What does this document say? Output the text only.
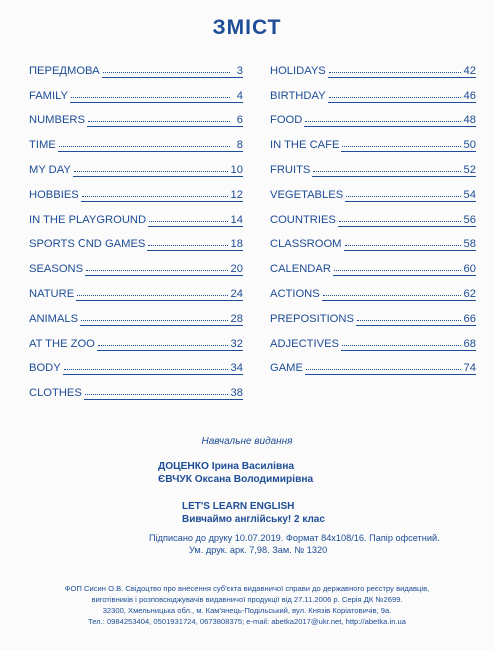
ЗМІСТ
ПЕРЕДМОВА	3
FAMILY	4
NUMBERS	6
TIME	8
MY DAY	10
HOBBIES	12
IN THE PLAYGROUND	14
SPORTS ⅭND GAMES	18
SEASONS	20
NATURE	24
ANIMALS	28
AT THE ZOO	32
BODY	34
CLOTHES	38
HOLIDAYS	42
BIRTHDAY	46
FOOD	48
IN THE CAFE	50
FRUITS	52
VEGETABLES	54
COUNTRIES	56
CLASSROOM	58
CALENDAR	60
ACTIONS	62
PREPOSITIONS	66
ADJECTIVES	68
GAME	74
Навчальне видання
ДОЦЕНКО Ірина Василівна
ЄВЧУК Оксана Володимирівна
LET'S LEARN ENGLISH
Вивчаймо англійську! 2 клас
Підписано до друку 10.07.2019. Формат 84x108/16. Папір офсетний.
Ум. друк. арк. 7,98. Зам. № 1320
ФОП Сисин О.В. Свідоцтво про внесення суб'єкта видавничої справи до державного реєстру видавців,
виготівників і розповсюджувачів видавничої продукції від 27.11.2006 р. Серія ДК №2699.
32300, Хмельницька обл., м. Кам'янець-Подільський, вул. Князів Коріатовичів, 9а.
Тел.: 0984253404, 0501931724, 0673808375; e-mail: abetka2017@ukr.net, http://abetka.in.ua
